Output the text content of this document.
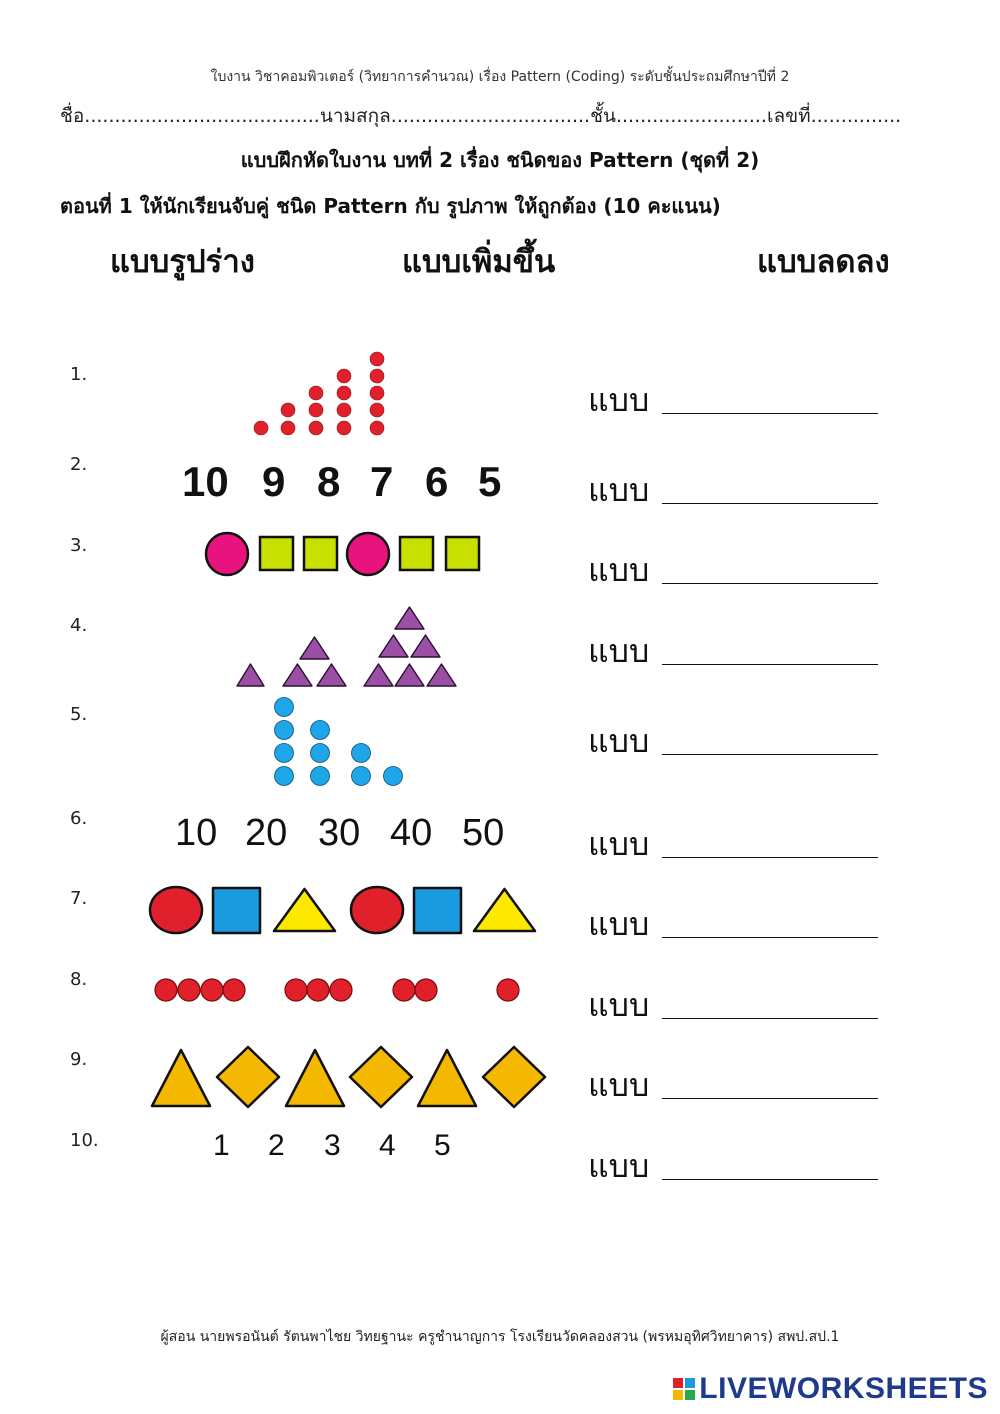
ใบงาน วิชาคอมพิวเตอร์ (วิทยาการคำนวณ) เรื่อง Pattern (Coding) ระดับชั้นประถมศึกษาปีที่ 2
ชื่อ.......................................นามสกุล.................................ชั้น.........................เลขที่...............
แบบฝึกหัดใบงาน บทที่ 2 เรื่อง ชนิดของ Pattern (ชุดที่ 2)
ตอนที่ 1 ให้นักเรียนจับคู่ ชนิด Pattern กับ รูปภาพ ให้ถูกต้อง (10 คะแนน)
แบบรูปร่าง	แบบเพิ่มขึ้น	แบบลดลง
1.
2.
3.
4.
5.
6.
7.
8.
9.
10.
10 9 8 7 6 5
10 20 30 40 50
1 2 3 4 5
แบบ
แบบ
แบบ
แบบ
แบบ
แบบ
แบบ
แบบ
แบบ
แบบ
ผู้สอน นายพรอนันต์ รัตนพาไชย วิทยฐานะ ครูชำนาญการ โรงเรียนวัดคลองสวน (พรหมอุทิศวิทยาคาร) สพป.สป.1
LIVEWORKSHEETS
